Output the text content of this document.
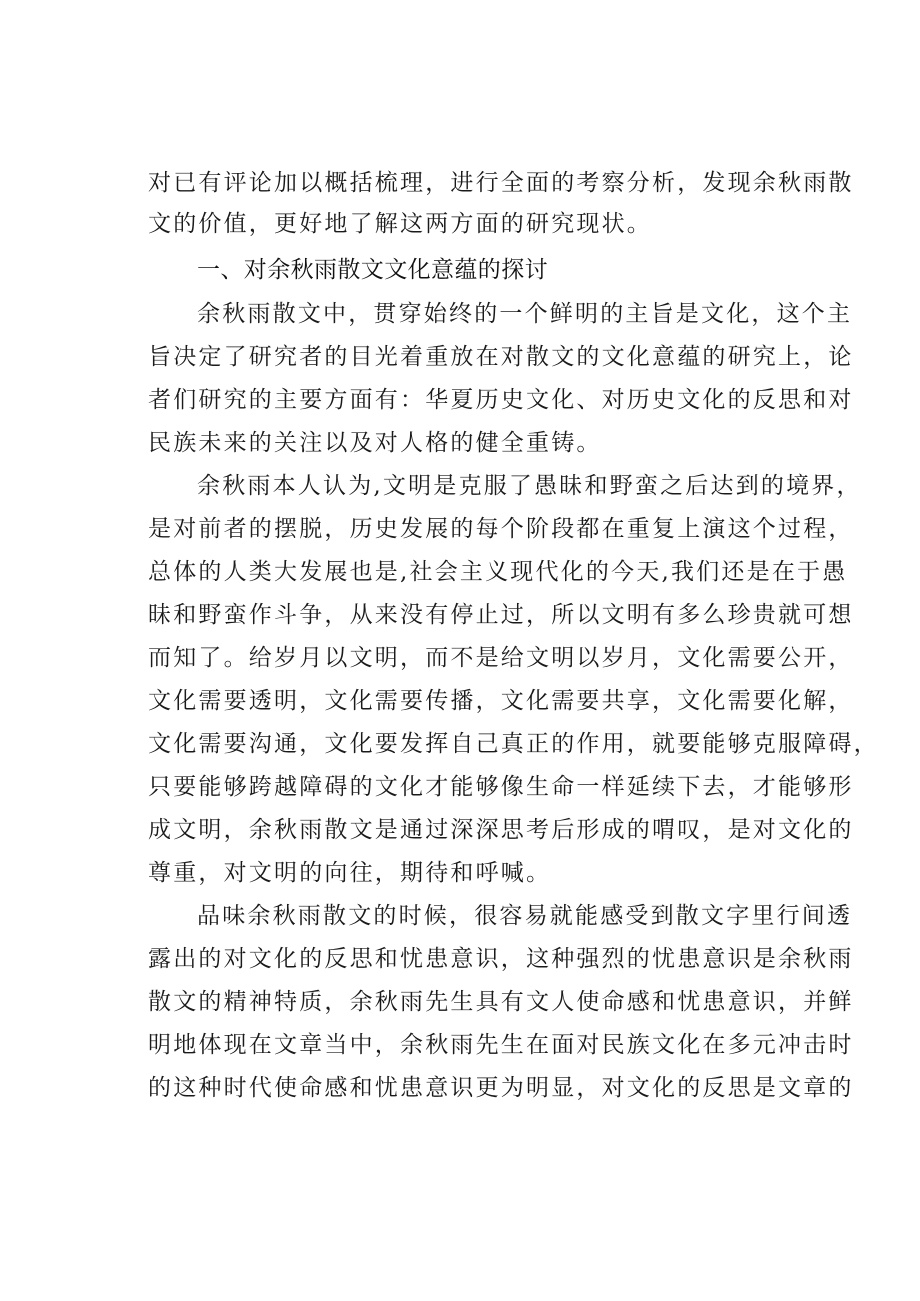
对已有评论加以概括梳理，进行全面的考察分析，发现余秋雨散
文的价值，更好地了解这两方面的研究现状。
一、对余秋雨散文文化意蕴的探讨
余秋雨散文中，贯穿始终的一个鲜明的主旨是文化，这个主
旨决定了研究者的目光着重放在对散文的文化意蕴的研究上，论
者们研究的主要方面有：华夏历史文化、对历史文化的反思和对
民族未来的关注以及对人格的健全重铸。
余秋雨本人认为,文明是克服了愚昧和野蛮之后达到的境界，
是对前者的摆脱，历史发展的每个阶段都在重复上演这个过程，
总体的人类大发展也是,社会主义现代化的今天,我们还是在于愚
昧和野蛮作斗争，从来没有停止过，所以文明有多么珍贵就可想
而知了。给岁月以文明，而不是给文明以岁月，文化需要公开，
文化需要透明，文化需要传播，文化需要共享，文化需要化解，
文化需要沟通，文化要发挥自己真正的作用，就要能够克服障碍，
只要能够跨越障碍的文化才能够像生命一样延续下去，才能够形
成文明，余秋雨散文是通过深深思考后形成的喟叹，是对文化的
尊重，对文明的向往，期待和呼喊。
品味余秋雨散文的时候，很容易就能感受到散文字里行间透
露出的对文化的反思和忧患意识，这种强烈的忧患意识是余秋雨
散文的精神特质，余秋雨先生具有文人使命感和忧患意识，并鲜
明地体现在文章当中，余秋雨先生在面对民族文化在多元冲击时
的这种时代使命感和忧患意识更为明显，对文化的反思是文章的
